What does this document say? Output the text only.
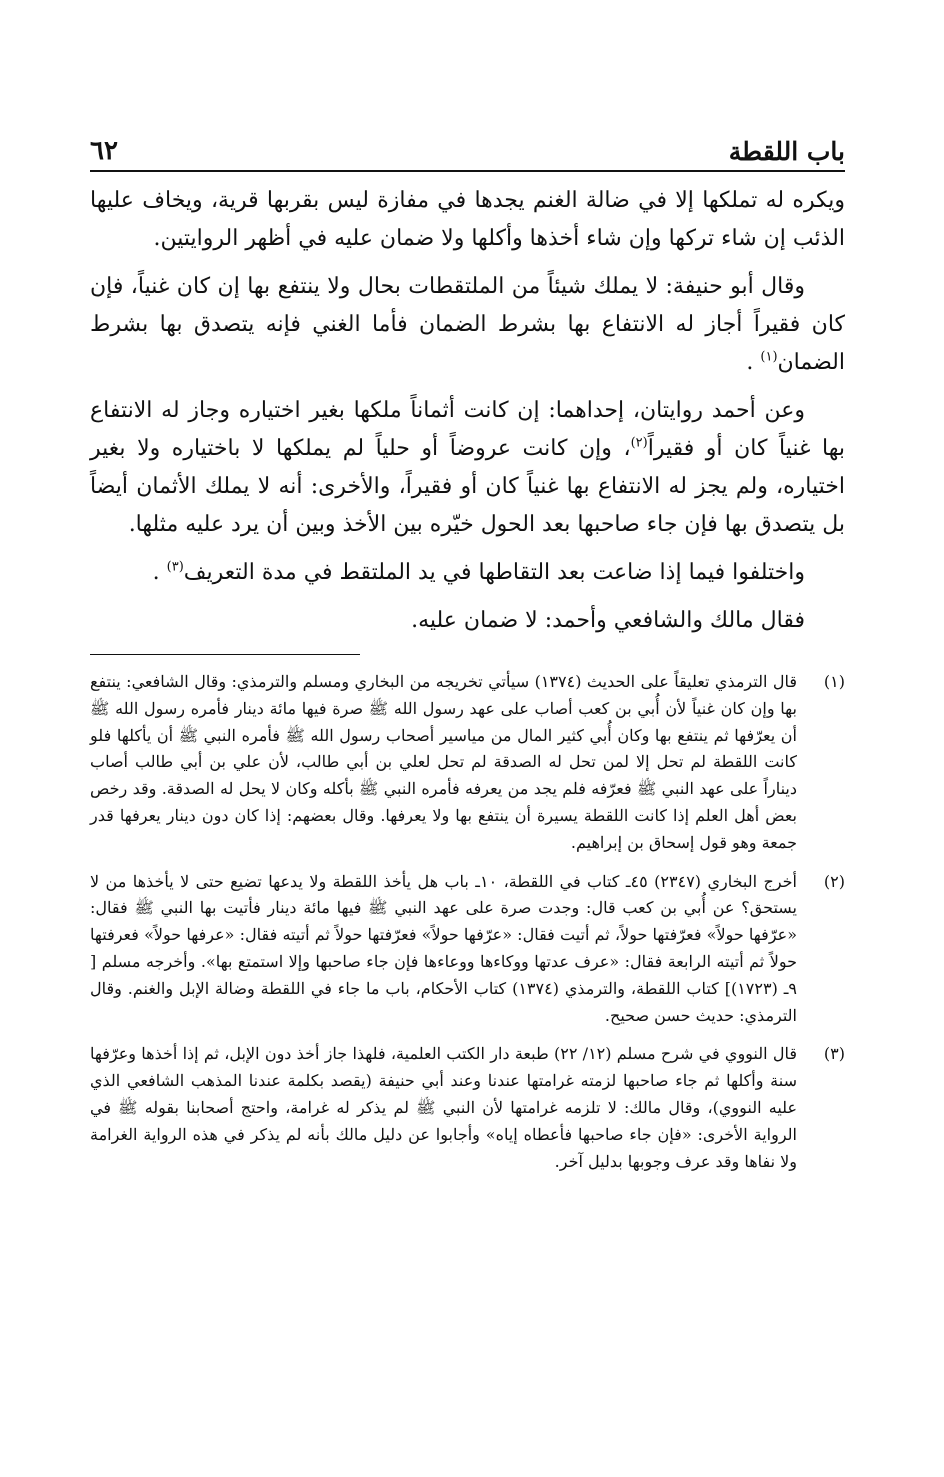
باب اللقطة
٦٢

ويكره له تملكها إلا في ضالة الغنم يجدها في مفازة ليس بقربها قرية، ويخاف عليها الذئب إن شاء تركها وإن شاء أخذها وأكلها ولا ضمان عليه في أظهر الروايتين.

وقال أبو حنيفة: لا يملك شيئاً من الملتقطات بحال ولا ينتفع بها إن كان غنياً، فإن كان فقيراً أجاز له الانتفاع بها بشرط الضمان فأما الغني فإنه يتصدق بها بشرط الضمان$^{(١)}$ .

وعن أحمد روايتان، إحداهما: إن كانت أثماناً ملكها بغير اختياره وجاز له الانتفاع بها غنياً كان أو فقيراً$^{(٢)}$، وإن كانت عروضاً أو حلياً لم يملكها لا باختياره ولا بغير اختياره، ولم يجز له الانتفاع بها غنياً كان أو فقيراً، والأخرى: أنه لا يملك الأثمان أيضاً بل يتصدق بها فإن جاء صاحبها بعد الحول خيّره بين الأخذ وبين أن يرد عليه مثلها.

واختلفوا فيما إذا ضاعت بعد التقاطها في يد الملتقط في مدة التعريف$^{(٣)}$ .

فقال مالك والشافعي وأحمد: لا ضمان عليه.

(١)
قال الترمذي تعليقاً على الحديث (١٣٧٤) سيأتي تخريجه من البخاري ومسلم والترمذي: وقال الشافعي: ينتفع بها وإن كان غنياً لأن أُبي بن كعب أصاب على عهد رسول الله ﷺ صرة فيها مائة دينار فأمره رسول الله ﷺ أن يعرّفها ثم ينتفع بها وكان أُبي كثير المال من مياسير أصحاب رسول الله ﷺ فأمره النبي ﷺ أن يأكلها فلو كانت اللقطة لم تحل إلا لمن تحل له الصدقة لم تحل لعلي بن أبي طالب، لأن علي بن أبي طالب أصاب ديناراً على عهد النبي ﷺ فعرّفه فلم يجد من يعرفه فأمره النبي ﷺ بأكله وكان لا يحل له الصدقة. وقد رخص بعض أهل العلم إذا كانت اللقطة يسيرة أن ينتفع بها ولا يعرفها. وقال بعضهم: إذا كان دون دينار يعرفها قدر جمعة وهو قول إسحاق بن إبراهيم.
(٢)
أخرج البخاري (٢٣٤٧) ٤٥ـ كتاب في اللقطة، ١٠ـ باب هل يأخذ اللقطة ولا يدعها تضيع حتى لا يأخذها من لا يستحق؟ عن أُبي بن كعب قال: وجدت صرة على عهد النبي ﷺ فيها مائة دينار فأتيت بها النبي ﷺ فقال: «عرّفها حولاً» فعرّفتها حولاً، ثم أتيت فقال: «عرّفها حولاً» فعرّفتها حولاً ثم أتيته فقال: «عرفها حولاً» فعرفتها حولاً ثم أتيته الرابعة فقال: «عرف عدتها ووكاءها ووعاءها فإن جاء صاحبها وإلا استمتع بها». وأخرجه مسلم [ ٩ـ (١٧٢٣)] كتاب اللقطة، والترمذي (١٣٧٤) كتاب الأحكام، باب ما جاء في اللقطة وضالة الإبل والغنم. وقال الترمذي: حديث حسن صحيح.
(٣)
قال النووي في شرح مسلم (١٢/ ٢٢) طبعة دار الكتب العلمية، فلهذا جاز أخذ دون الإبل، ثم إذا أخذها وعرّفها سنة وأكلها ثم جاء صاحبها لزمته غرامتها عندنا وعند أبي حنيفة (يقصد بكلمة عندنا المذهب الشافعي الذي عليه النووي)، وقال مالك: لا تلزمه غرامتها لأن النبي ﷺ لم يذكر له غرامة، واحتج أصحابنا بقوله ﷺ في الرواية الأخرى: «فإن جاء صاحبها فأعطاه إياه» وأجابوا عن دليل مالك بأنه لم يذكر في هذه الرواية الغرامة ولا نفاها وقد عرف وجوبها بدليل آخر.
